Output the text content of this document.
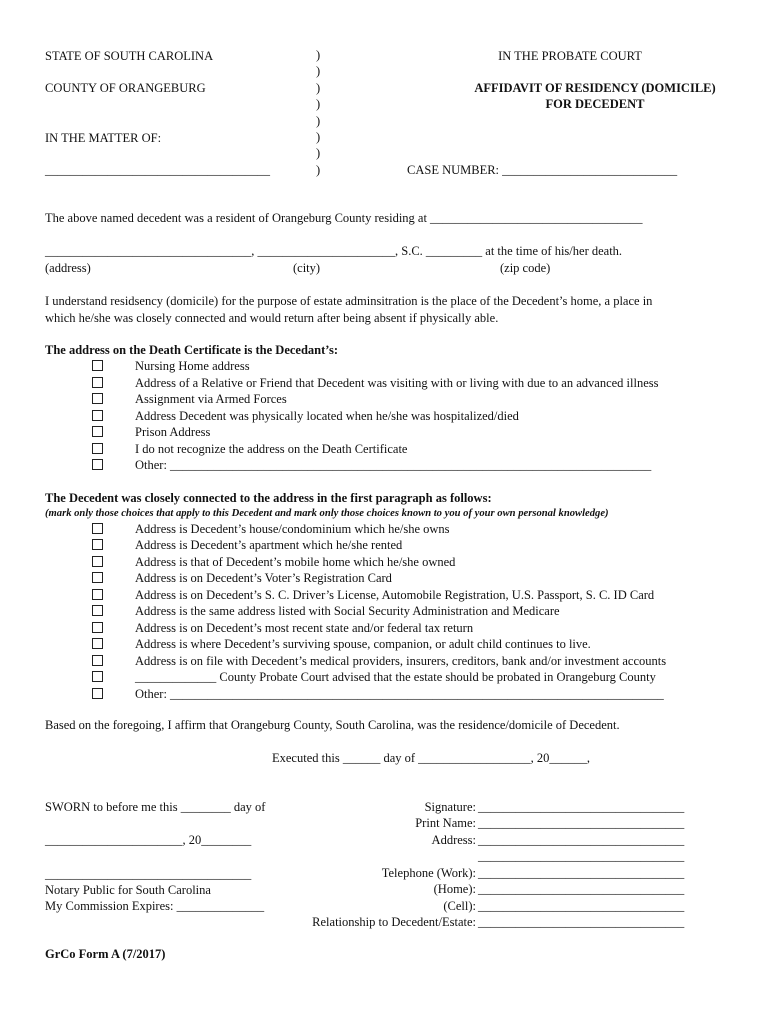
STATE OF SOUTH CAROLINA
COUNTY OF ORANGEBURG
IN THE MATTER OF:
____________________________________
)
)
)
)
)
)
)
)
IN THE PROBATE COURT
AFFIDAVIT OF RESIDENCY (DOMICILE)
FOR DECEDENT
CASE NUMBER: ____________________________
The above named decedent was a resident of Orangeburg County residing at __________________________________
_________________________________, ______________________, S.C. _________ at the time of his/her death.
(address)	(city)	(zip code)
I understand residsency (domicile) for the purpose of estate adminsitration is the place of the Decedent’s home, a place in
which he/she was closely connected and would return after being absent if physically able.
The address on the Death Certificate is the Decedant’s:
Nursing Home address
Address of a Relative or Friend that Decedent was visiting with or living with due to an advanced illness
Assignment via Armed Forces
Address Decedent was physically located when he/she was hospitalized/died
Prison Address
I do not recognize the address on the Death Certificate
Other: _____________________________________________________________________________
The Decedent was closely connected to the address in the first paragraph as follows:
(mark only those choices that apply to this Decedent and mark only those choices known to you of your own personal knowledge)
Address is Decedent’s house/condominium which he/she owns
Address is Decedent’s apartment which he/she rented
Address is that of Decedent’s mobile home which he/she owned
Address is on Decedent’s Voter’s Registration Card
Address is on Decedent’s S. C. Driver’s License, Automobile Registration, U.S. Passport, S. C. ID Card
Address is the same address listed with Social Security Administration and Medicare
Address is on Decedent’s most recent state and/or federal tax return
Address is where Decedent’s surviving spouse, companion, or adult child continues to live.
Address is on file with Decedent’s medical providers, insurers, creditors, bank and/or investment accounts
_____________ County Probate Court advised that the estate should be probated in Orangeburg County
Other: _______________________________________________________________________________
Based on the foregoing, I affirm that Orangeburg County, South Carolina, was the residence/domicile of Decedent.
Executed this ______ day of __________________, 20______,
SWORN to before me this ________ day of
______________________, 20________
_________________________________
Notary Public for South Carolina
My Commission Expires: ______________
Signature: _________________________________
Print Name: _________________________________
Address: _________________________________
_________________________________
Telephone (Work): _________________________________
(Home): _________________________________
(Cell): _________________________________
Relationship to Decedent/Estate: _________________________________
GrCo Form A (7/2017)
